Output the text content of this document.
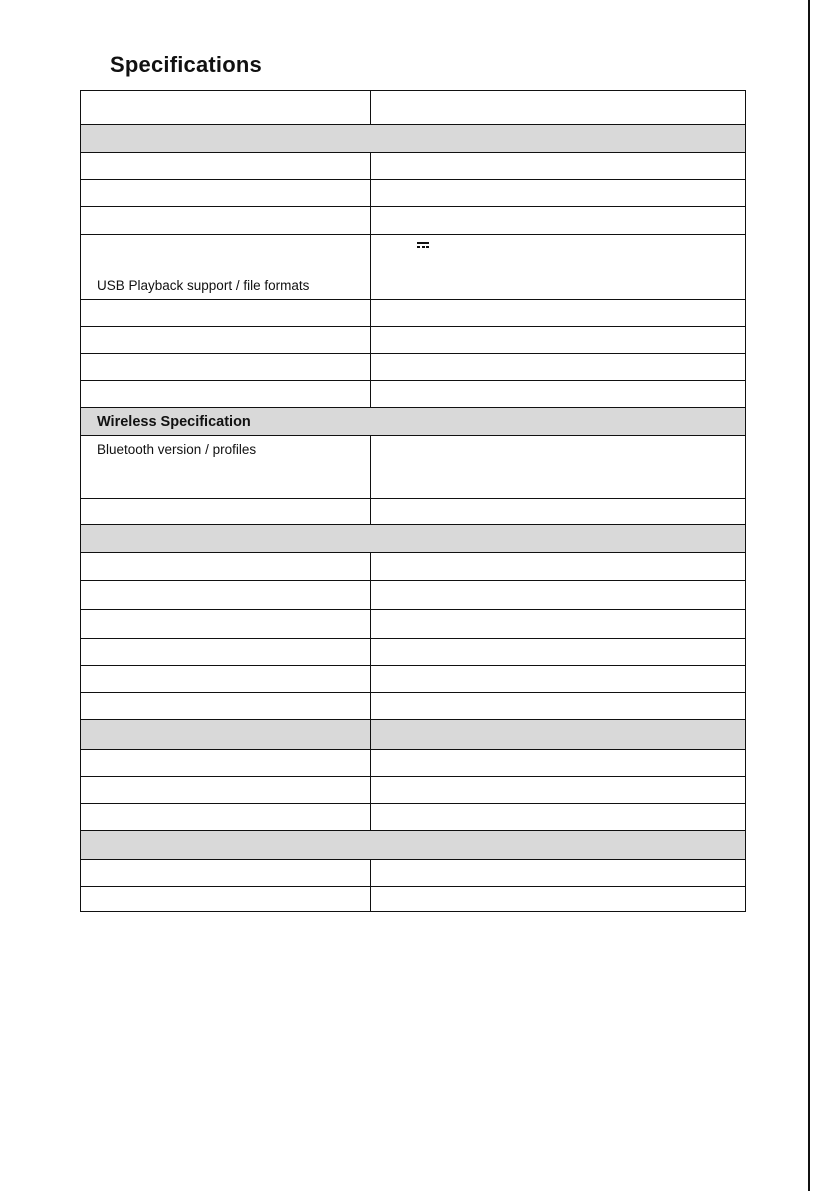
Specifications

USB Playback support / file formats	

Wireless Specification	
Bluetooth version / profiles	
